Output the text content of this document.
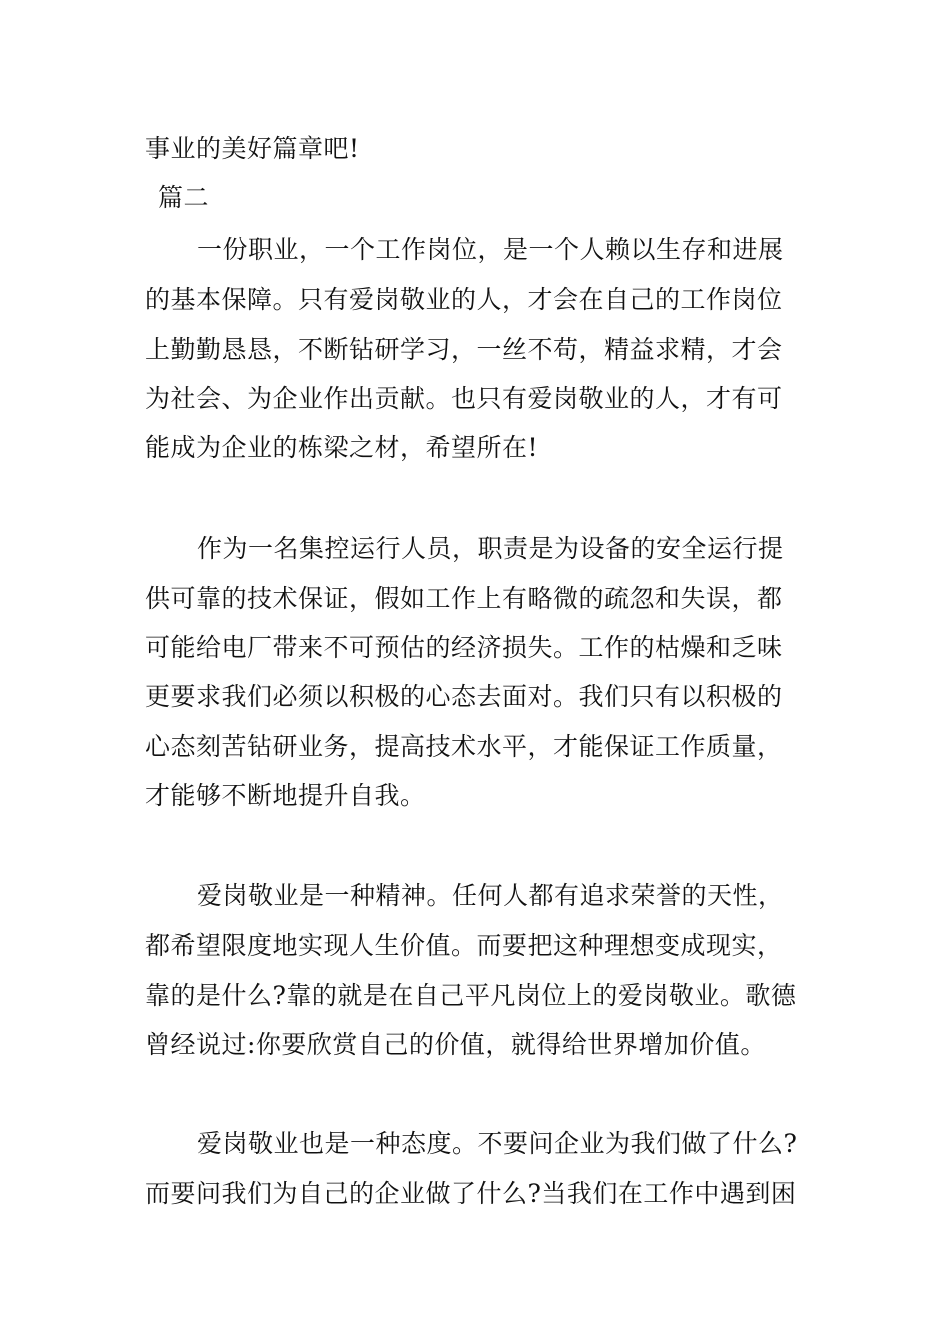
事业的美好篇章吧!
篇二
一份职业，一个工作岗位，是一个人赖以生存和进展
的基本保障。只有爱岗敬业的人，才会在自己的工作岗位
上勤勤恳恳，不断钻研学习，一丝不苟，精益求精，才会
为社会、为企业作出贡献。也只有爱岗敬业的人，才有可
能成为企业的栋梁之材，希望所在!
作为一名集控运行人员，职责是为设备的安全运行提
供可靠的技术保证，假如工作上有略微的疏忽和失误，都
可能给电厂带来不可预估的经济损失。工作的枯燥和乏味
更要求我们必须以积极的心态去面对。我们只有以积极的
心态刻苦钻研业务，提高技术水平，才能保证工作质量，
才能够不断地提升自我。
爱岗敬业是一种精神。任何人都有追求荣誉的天性，
都希望限度地实现人生价值。而要把这种理想变成现实，
靠的是什么?靠的就是在自己平凡岗位上的爱岗敬业。歌德
曾经说过:你要欣赏自己的价值，就得给世界增加价值。
爱岗敬业也是一种态度。不要问企业为我们做了什么?
而要问我们为自己的企业做了什么?当我们在工作中遇到困
